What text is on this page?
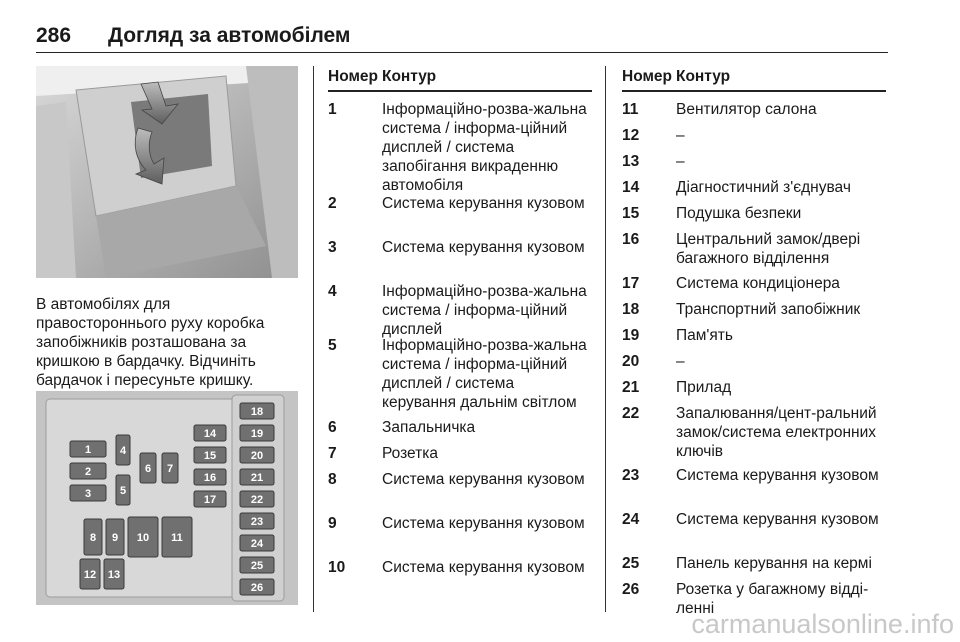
286 Догляд за автомобілем
В автомобілях для правостороннього руху коробка запобіжників розташована за кришкою в бардачку. Відчиніть бардачок і пересуньте кришку.
1
2
3
4
5
6 7
8 9 10 11
12 13
14
15
16
17
18
19
20
21
22
23
24
25
26
Номер Контур
1	Інформаційно-розва-жальна система / інформа-ційний дисплей / система запобігання викраденню автомобіля
2	Система керування кузовом
3	Система керування кузовом
4	Інформаційно-розва-жальна система / інформа-ційний дисплей
5	Інформаційно-розва-жальна система / інформа-ційний дисплей / система керування дальнім світлом
6	Запальничка
7	Розетка
8	Система керування кузовом
9	Система керування кузовом
10 Система керування кузовом
Номер Контур
11 Вентилятор салона
12 –
13 –
14 Діагностичний з'єднувач
15 Подушка безпеки
16 Центральний замок/двері багажного відділення
17 Система кондиціонера
18 Транспортний запобіжник
19 Пам'ять
20 –
21 Прилад
22 Запалювання/цент-ральний замок/система електронних ключів
23 Система керування кузовом
24 Система керування кузовом
25 Панель керування на кермі
26 Розетка у багажному відді-ленні
carmanualsonline.info
